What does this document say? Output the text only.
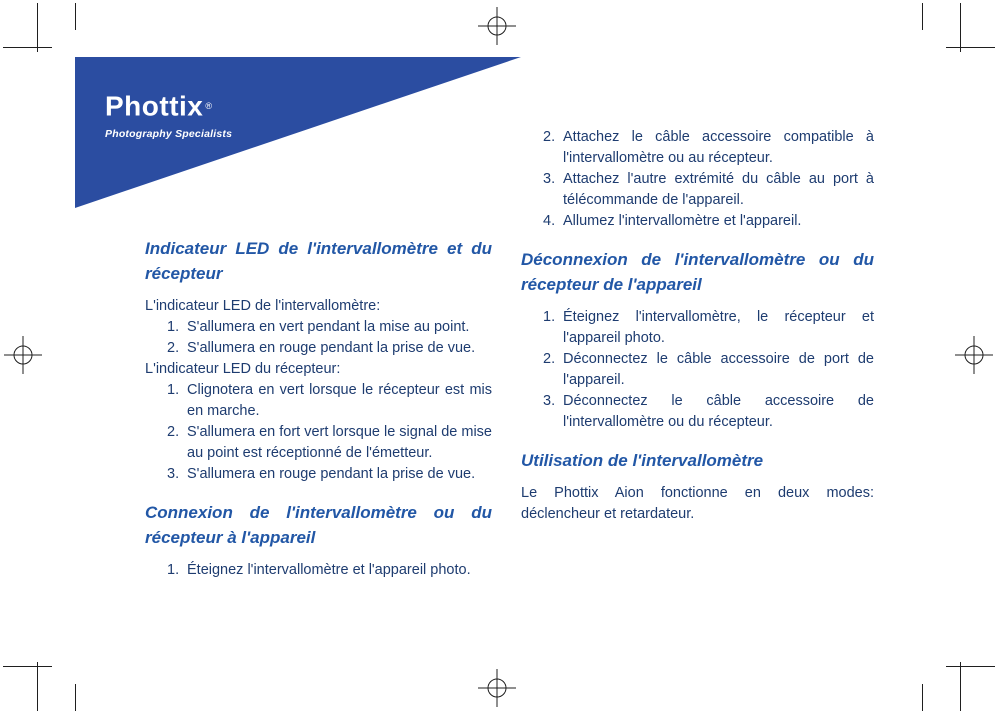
Phottix ®
Photography Specialists
Indicateur LED de l'intervallomètre et du récepteur

L'indicateur LED de l'intervallomètre:

1. S'allumera en vert pendant la mise au point.
2. S'allumera en rouge pendant la prise de vue.

L'indicateur LED du récepteur:

1. Clignotera en vert lorsque le récepteur est mis en marche.
2. S'allumera en fort vert lorsque le signal de mise au point est réceptionné de l'émetteur.
3. S'allumera en rouge pendant la prise de vue.
Connexion de l'intervallomètre ou du récepteur à l'appareil
1. Éteignez l'intervallomètre et l'appareil photo.
2. Attachez le câble accessoire compatible à l'intervallomètre ou au récepteur.
3. Attachez l'autre extrémité du câble au port à télécommande de l'appareil.
4. Allumez l'intervallomètre et l'appareil.
Déconnexion de l'intervallomètre ou du récepteur de l'appareil
1. Éteignez l'intervallomètre, le récepteur et l'appareil photo.
2. Déconnectez le câble accessoire de port de l'appareil.
3. Déconnectez le câble accessoire de l'intervallomètre ou du récepteur.
Utilisation de l'intervallomètre

Le Phottix Aion fonctionne en deux modes: déclencheur et retardateur.
